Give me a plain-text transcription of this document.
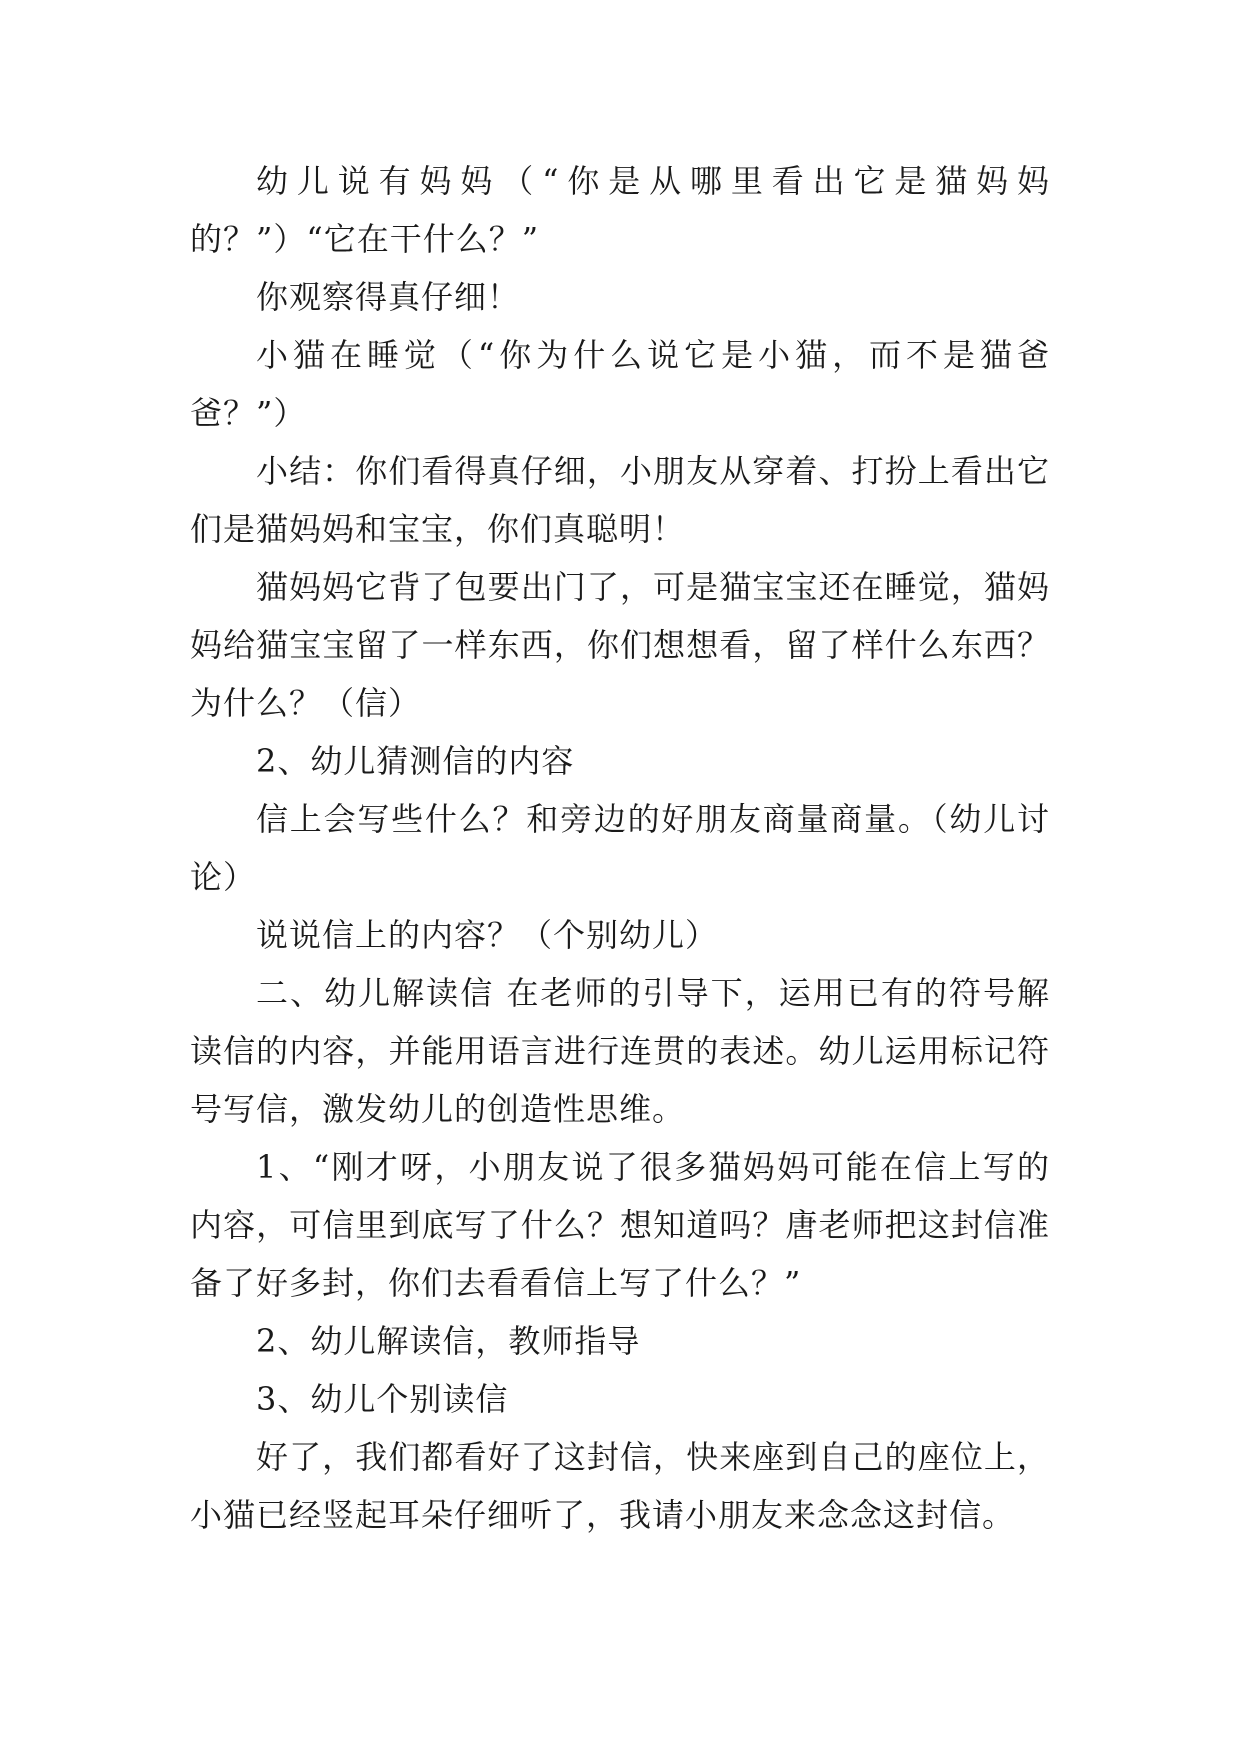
幼儿说有妈妈（“你是从哪里看出它是猫妈妈的？”）“它在干什么？”

你观察得真仔细！

小猫在睡觉（“你为什么说它是小猫，而不是猫爸爸？”）

小结：你们看得真仔细，小朋友从穿着、打扮上看出它们是猫妈妈和宝宝，你们真聪明！

猫妈妈它背了包要出门了，可是猫宝宝还在睡觉，猫妈妈给猫宝宝留了一样东西，你们想想看，留了样什么东西？为什么？（信）

2、幼儿猜测信的内容

信上会写些什么？和旁边的好朋友商量商量。（幼儿讨论）

说说信上的内容？（个别幼儿）

二、幼儿解读信 在老师的引导下，运用已有的符号解读信的内容，并能用语言进行连贯的表述。幼儿运用标记符号写信，激发幼儿的创造性思维。

1、“刚才呀，小朋友说了很多猫妈妈可能在信上写的内容，可信里到底写了什么？想知道吗？唐老师把这封信准备了好多封，你们去看看信上写了什么？”

2、幼儿解读信，教师指导

3、幼儿个别读信

好了，我们都看好了这封信，快来座到自己的座位上，小猫已经竖起耳朵仔细听了，我请小朋友来念念这封信。
